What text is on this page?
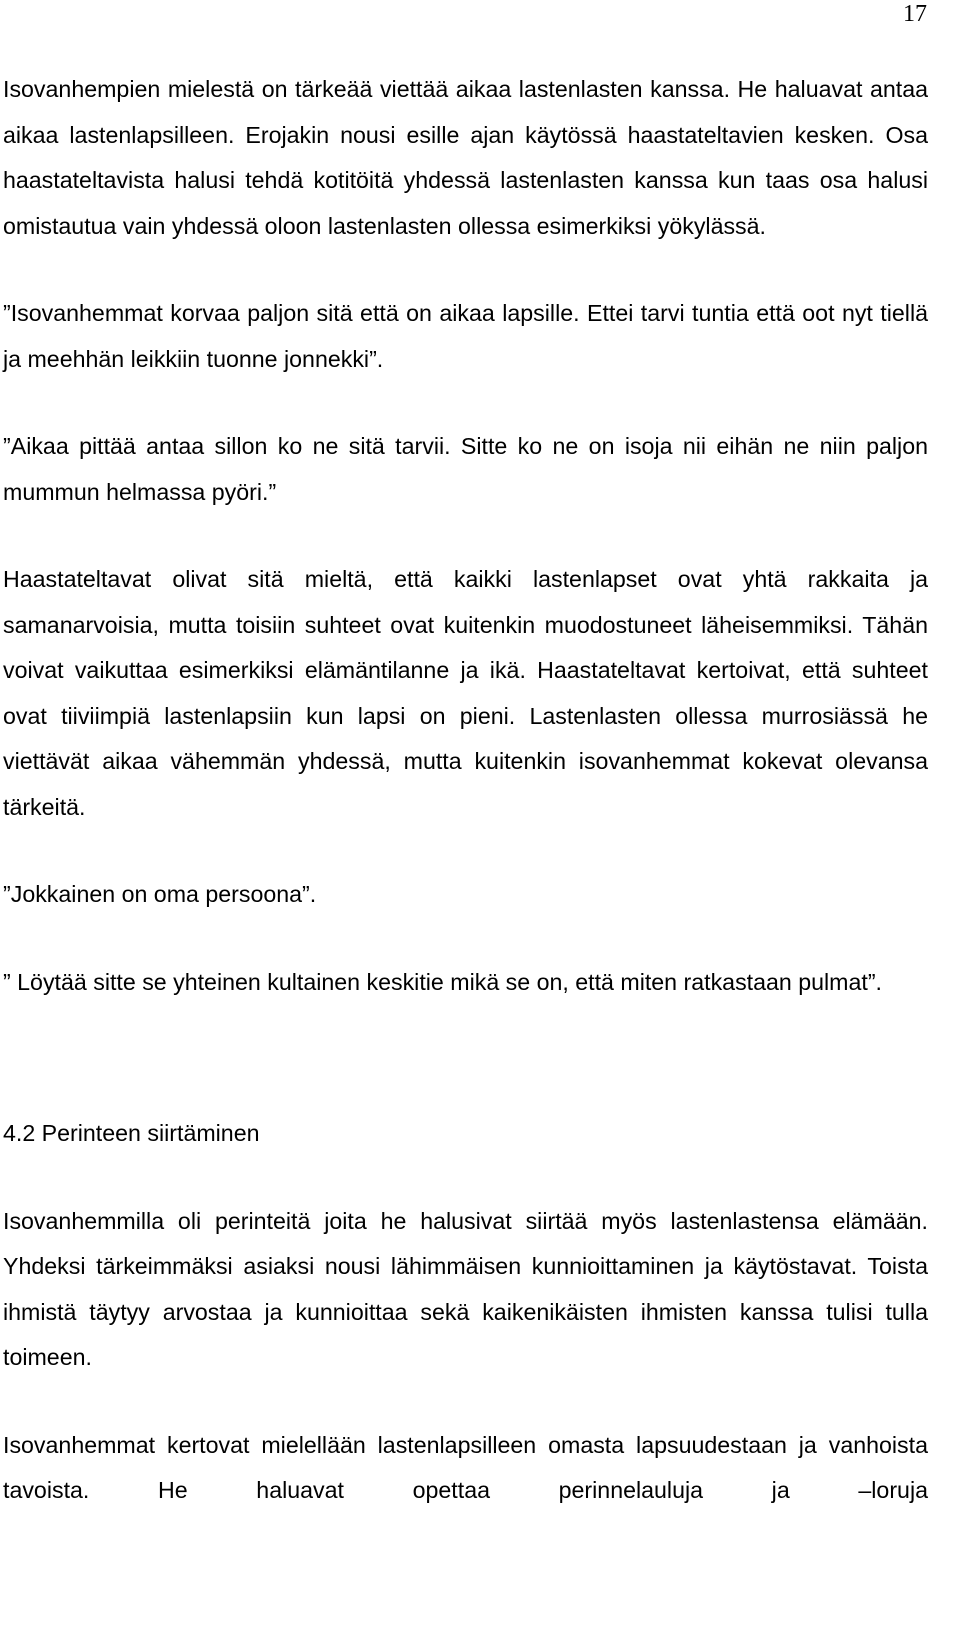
17

Isovanhempien mielestä on tärkeää viettää aikaa lastenlasten kanssa. He haluavat antaa aikaa lastenlapsilleen. Erojakin nousi esille ajan käytössä haastateltavien kesken. Osa haastateltavista halusi tehdä kotitöitä yhdessä lastenlasten kanssa kun taas osa halusi omistautua vain yhdessä oloon lastenlasten ollessa esimerkiksi yökylässä.

”Isovanhemmat korvaa paljon sitä että on aikaa lapsille. Ettei tarvi tuntia että oot nyt tiellä ja meehhän leikkiin tuonne jonnekki”.

”Aikaa pittää antaa sillon ko ne sitä tarvii. Sitte ko ne on isoja nii eihän ne niin paljon mummun helmassa pyöri.”

Haastateltavat olivat sitä mieltä, että kaikki lastenlapset ovat yhtä rakkaita ja samanarvoisia, mutta toisiin suhteet ovat kuitenkin muodostuneet läheisemmiksi. Tähän voivat vaikuttaa esimerkiksi elämäntilanne ja ikä. Haastateltavat kertoivat, että suhteet ovat tiiviimpiä lastenlapsiin kun lapsi on pieni. Lastenlasten ollessa murrosiässä he viettävät aikaa vähemmän yhdessä, mutta kuitenkin isovanhemmat kokevat olevansa tärkeitä.

”Jokkainen on oma persoona”.

” Löytää sitte se yhteinen kultainen keskitie mikä se on, että miten ratkastaan pulmat”.

4.2 Perinteen siirtäminen

Isovanhemmilla oli perinteitä joita he halusivat siirtää myös lastenlastensa elämään. Yhdeksi tärkeimmäksi asiaksi nousi lähimmäisen kunnioittaminen ja käytöstavat. Toista ihmistä täytyy arvostaa ja kunnioittaa sekä kaikenikäisten ihmisten kanssa tulisi tulla toimeen.

Isovanhemmat kertovat mielellään lastenlapsilleen omasta lapsuudestaan ja vanhoista tavoista. He haluavat opettaa perinnelauluja ja –loruja
